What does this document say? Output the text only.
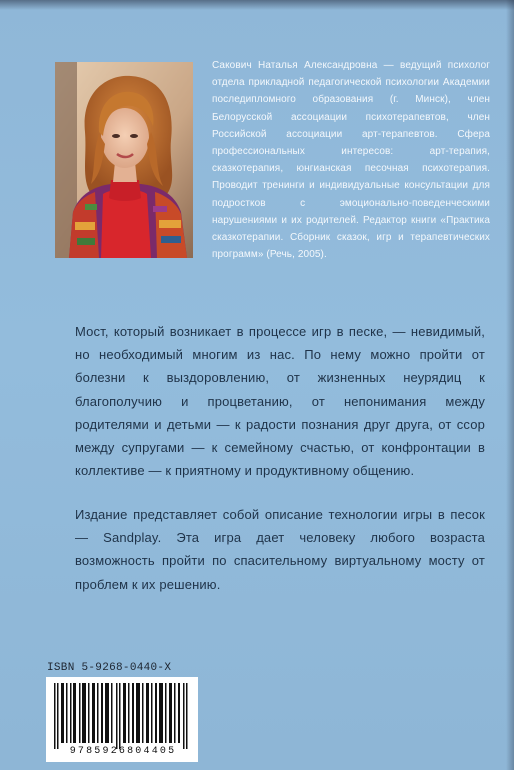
Сакович Наталья Александровна — ведущий психолог отдела прикладной педагогической психологии Академии последипломного образования (г. Минск), член Белорусской ассоциации психотерапевтов, член Российской ассоциации арт-терапевтов. Сфера профессиональных интересов: арт-терапия, сказкотерапия, юнгианская песочная психотерапия. Проводит тренинги и индивидуальные консультации для подростков с эмоционально-поведенческими нарушениями и их родителей. Редактор книги «Практика сказкотерапии. Сборник сказок, игр и терапевтических программ» (Речь, 2005).

Мост, который возникает в процессе игр в песке, — невидимый, но необходимый многим из нас. По нему можно пройти от болезни к выздоровлению, от жизненных неурядиц к благополучию и процветанию, от непонимания между родителями и детьми — к радости познания друг друга, от ссор между супругами — к семейному счастью, от конфронтации в коллективе — к приятному и продуктивному общению.

Издание представляет собой описание технологии игры в песок — Sandplay. Эта игра дает человеку любого возраста возможность пройти по спасительному виртуальному мосту от проблем к их решению.

ISBN 5-9268-0440-X
9785926804405
